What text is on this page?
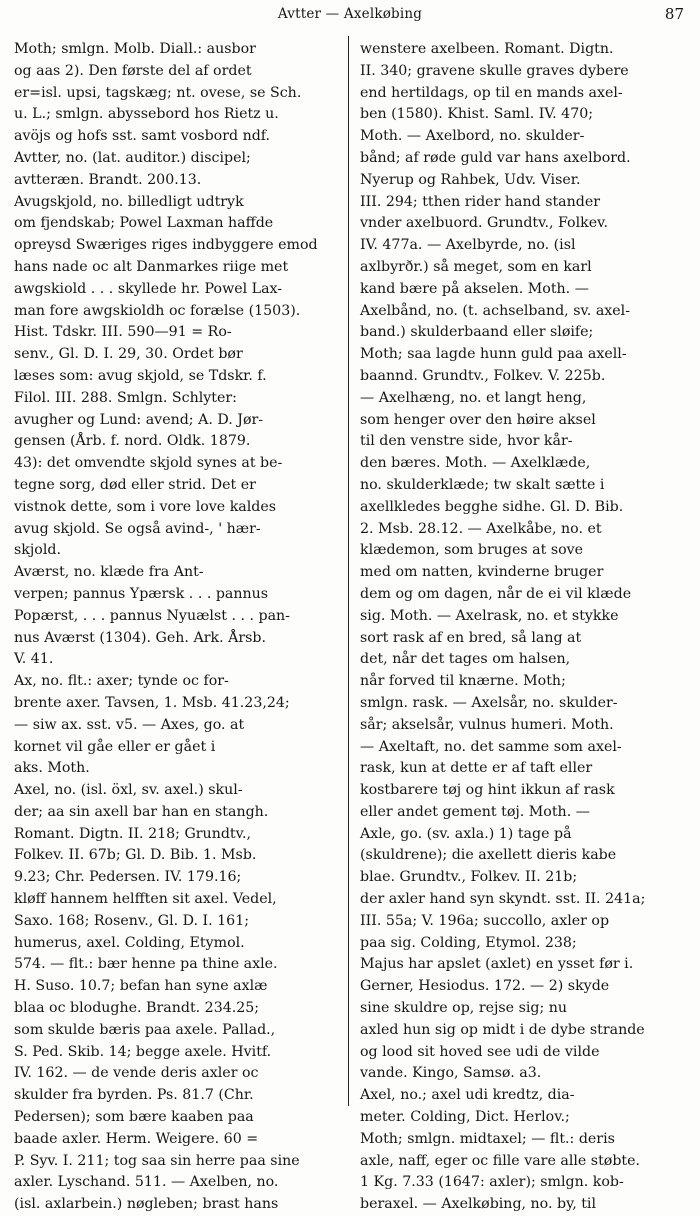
Avtter — Axelkøbing	87
Moth; smlgn. Molb. Diall.: ausbor
og aas 2). Den første del af ordet
er=isl. upsi, tagskæg; nt. ovese, se Sch.
u. L.; smlgn. abyssebord hos Rietz u.
avöjs og hofs sst. samt vosbord ndf.
Avtter, no. (lat. auditor.) discipel;
avtteræn. Brandt. 200.13.
Avugskjold, no. billedligt udtryk
om fjendskab; Powel Laxman haffde
opreysd Swæriges riges indbyggere emod
hans nade oc alt Danmarkes riige met
awgskiold . . . skyllede hr. Powel Lax-
man fore awgskioldh oc forælse (1503).
Hist. Tdskr. III. 590—91 = Ro-
senv., Gl. D. I. 29, 30. Ordet bør
læses som: avug skjold, se Tdskr. f.
Filol. III. 288. Smlgn. Schlyter:
avugher og Lund: avend; A. D. Jør-
gensen (Årb. f. nord. Oldk. 1879.
43): det omvendte skjold synes at be-
tegne sorg, død eller strid. Det er
vistnok dette, som i vore love kaldes
avug skjold. Se også avind-, ' hær-
skjold.
Aværst, no. klæde fra Ant-
verpen; pannus Ypærsk . . . pannus
Popærst, . . . pannus Nyuælst . . . pan-
nus Aværst (1304). Geh. Ark. Årsb.
V. 41.
Ax, no. flt.: axer; tynde oc for-
brente axer. Tavsen, 1. Msb. 41.23,24;
— siw ax. sst. v5. — Axes, go. at
kornet vil gåe eller er gået i
aks. Moth.
Axel, no. (isl. öxl, sv. axel.) skul-
der; aa sin axell bar han en stangh.
Romant. Digtn. II. 218; Grundtv.,
Folkev. II. 67b; Gl. D. Bib. 1. Msb.
9.23; Chr. Pedersen. IV. 179.16;
kløff hannem helfften sit axel. Vedel,
Saxo. 168; Rosenv., Gl. D. I. 161;
humerus, axel. Colding, Etymol.
574. — flt.: bær henne pa thine axle.
H. Suso. 10.7; befan han syne axlæ
blaa oc blodughe. Brandt. 234.25;
som skulde bæris paa axele. Pallad.,
S. Ped. Skib. 14; begge axele. Hvitf.
IV. 162. — de vende deris axler oc
skulder fra byrden. Ps. 81.7 (Chr.
Pedersen); som bære kaaben paa
baade axler. Herm. Weigere. 60 =
P. Syv. I. 211; tog saa sin herre paa sine
axler. Lyschand. 511. — Axelben, no.
(isl. axlarbein.) nøgleben; brast hans
wenstere axelbeen. Romant. Digtn.
II. 340; gravene skulle graves dybere
end hertildags, op til en mands axel-
ben (1580). Khist. Saml. IV. 470;
Moth. — Axelbord, no. skulder-
bånd; af røde guld var hans axelbord.
Nyerup og Rahbek, Udv. Viser.
III. 294; tthen rider hand stander
vnder axelbuord. Grundtv., Folkev.
IV. 477a. — Axelbyrde, no. (isl
axlbyrðr.) så meget, som en karl
kand bære på akselen. Moth. —
Axelbånd, no. (t. achselband, sv. axel-
band.) skulderbaand eller sløife;
Moth; saa lagde hunn guld paa axell-
baannd. Grundtv., Folkev. V. 225b.
— Axelhæng, no. et langt heng,
som henger over den høire aksel
til den venstre side, hvor kår-
den bæres. Moth. — Axelklæde,
no. skulderklæde; tw skalt sætte i
axellkledes begghe sidhe. Gl. D. Bib.
2. Msb. 28.12. — Axelkåbe, no. et
klædemon, som bruges at sove
med om natten, kvinderne bruger
dem og om dagen, når de ei vil klæde
sig. Moth. — Axelrask, no. et stykke
sort rask af en bred, så lang at
det, når det tages om halsen,
når forved til knærne. Moth;
smlgn. rask. — Axelsår, no. skulder-
sår; akselsår, vulnus humeri. Moth.
— Axeltaft, no. det samme som axel-
rask, kun at dette er af taft eller
kostbarere tøj og hint ikkun af rask
eller andet gement tøj. Moth. —
Axle, go. (sv. axla.) 1) tage på
(skuldrene); die axellett dieris kabe
blae. Grundtv., Folkev. II. 21b;
der axler hand syn skyndt. sst. II. 241a;
III. 55a; V. 196a; succollo, axler op
paa sig. Colding, Etymol. 238;
Majus har apslet (axlet) en ysset før i.
Gerner, Hesiodus. 172. — 2) skyde
sine skuldre op, rejse sig; nu
axled hun sig op midt i de dybe strande
og lood sit hoved see udi de vilde
vande. Kingo, Samsø. a3.
Axel, no.; axel udi kredtz, dia-
meter. Colding, Dict. Herlov.;
Moth; smlgn. midtaxel; — flt.: deris
axle, naff, eger oc fille vare alle støbte.
1 Kg. 7.33 (1647: axler); smlgn. kob-
beraxel. — Axelkøbing, no. by, til
